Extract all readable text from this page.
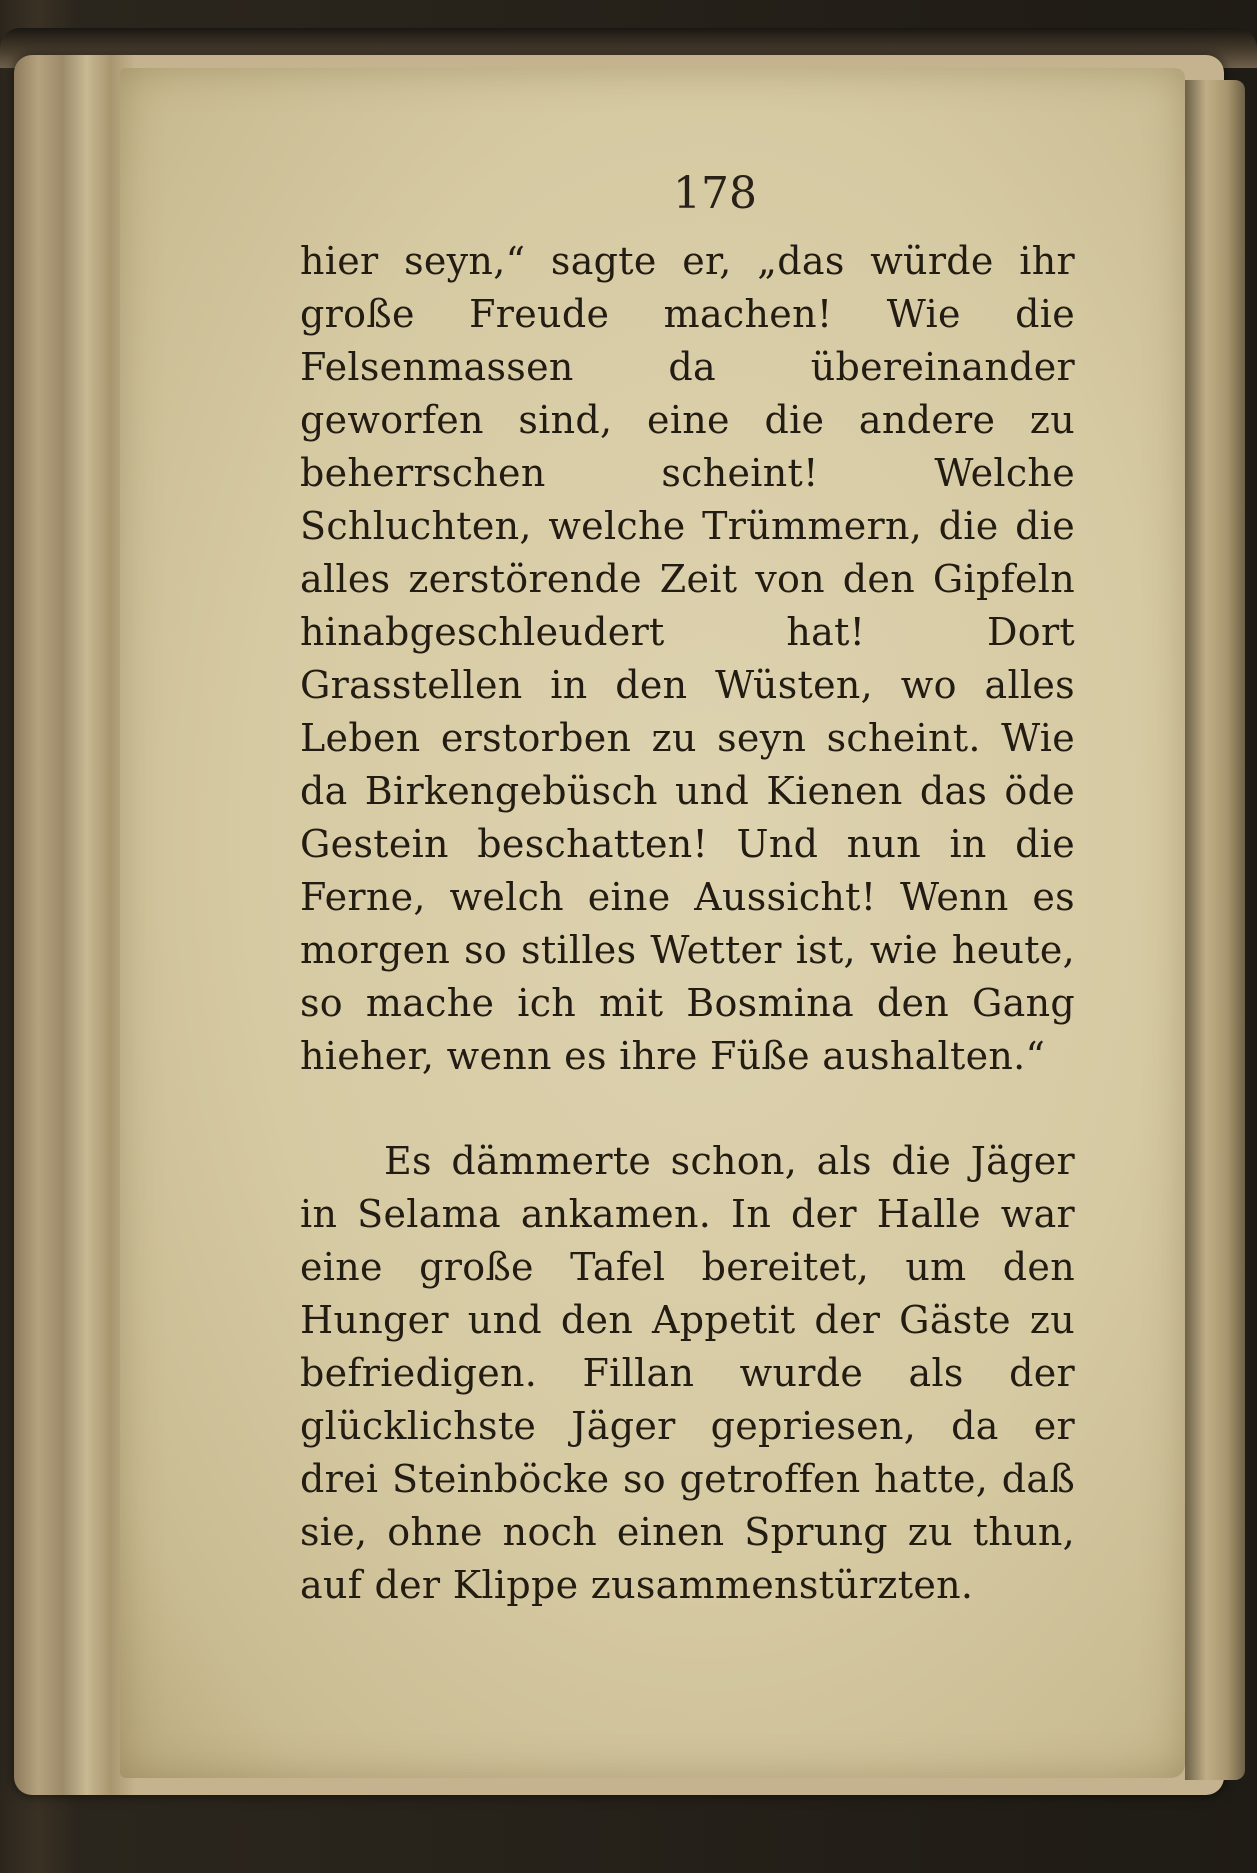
178

hier seyn,“ sagte er, „das würde ihr große Freude machen! Wie die Felsenmassen da übereinander geworfen sind, eine die andere zu beherrschen scheint! Welche Schluchten, welche Trümmern, die die alles zerstörende Zeit von den Gipfeln hinabgeschleudert hat! Dort Grasstellen in den Wüsten, wo alles Leben erstorben zu seyn scheint. Wie da Birkengebüsch und Kienen das öde Gestein beschatten! Und nun in die Ferne, welch eine Aussicht! Wenn es morgen so stilles Wetter ist, wie heute, so mache ich mit Bosmina den Gang hieher, wenn es ihre Füße aushalten.“

Es dämmerte schon, als die Jäger in Selama ankamen. In der Halle war eine große Tafel bereitet, um den Hunger und den Appetit der Gäste zu befriedigen. Fillan wurde als der glücklichste Jäger gepriesen, da er drei Steinböcke so getroffen hatte, daß sie, ohne noch einen Sprung zu thun, auf der Klippe zusammenstürzten.
